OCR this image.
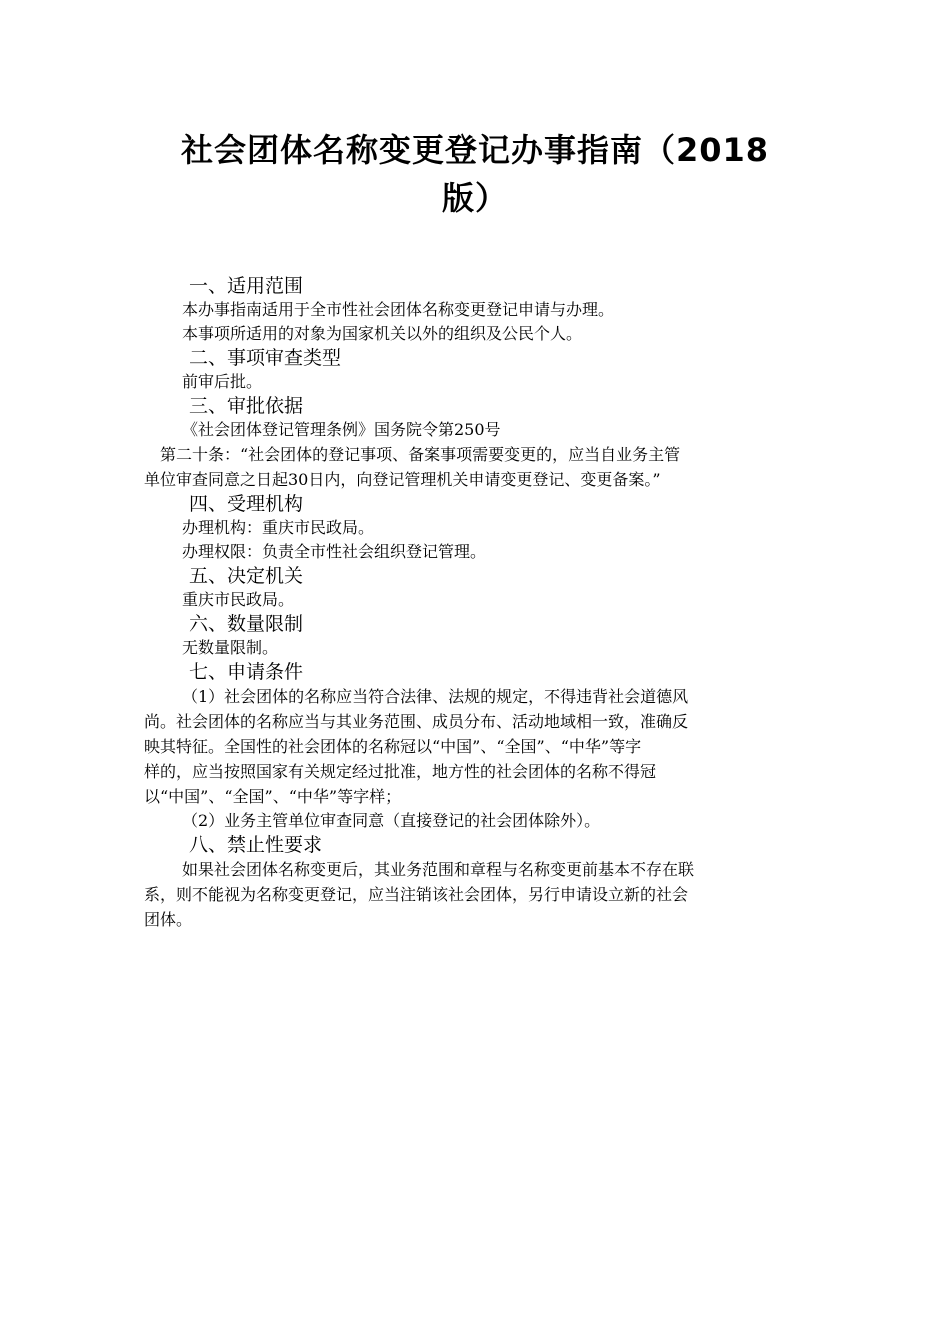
社会团体名称变更登记办事指南（2018
版）
一、适用范围
本办事指南适用于全市性社会团体名称变更登记申请与办理。
本事项所适用的对象为国家机关以外的组织及公民个人。
二、事项审查类型
前审后批。
三、审批依据
《社会团体登记管理条例》国务院令第250号
第二十条：“社会团体的登记事项、备案事项需要变更的，应当自业务主管
单位审查同意之日起30日内，向登记管理机关申请变更登记、变更备案。”
四、受理机构
办理机构：重庆市民政局。
办理权限：负责全市性社会组织登记管理。
五、决定机关
重庆市民政局。
六、数量限制
无数量限制。
七、申请条件
（1）社会团体的名称应当符合法律、法规的规定，不得违背社会道德风
尚。社会团体的名称应当与其业务范围、成员分布、活动地域相一致，准确反
映其特征。全国性的社会团体的名称冠以“中国”、“全国”、“中华”等字
样的，应当按照国家有关规定经过批准，地方性的社会团体的名称不得冠
以“中国”、“全国”、“中华”等字样；
（2）业务主管单位审查同意（直接登记的社会团体除外）。
八、禁止性要求
如果社会团体名称变更后，其业务范围和章程与名称变更前基本不存在联
系，则不能视为名称变更登记，应当注销该社会团体，另行申请设立新的社会
团体。
